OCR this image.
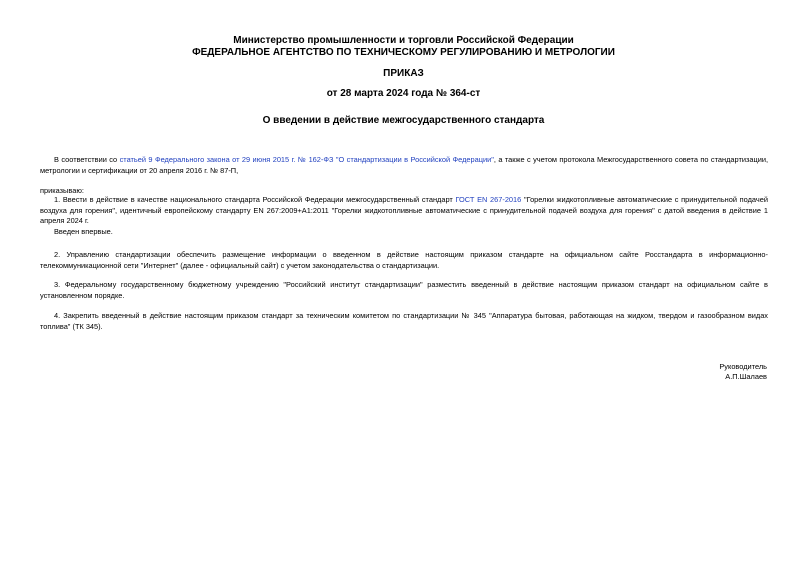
Министерство промышленности и торговли Российской Федерации
ФЕДЕРАЛЬНОЕ АГЕНТСТВО ПО ТЕХНИЧЕСКОМУ РЕГУЛИРОВАНИЮ И МЕТРОЛОГИИ
ПРИКАЗ
от 28 марта 2024 года № 364-ст
О введении в действие межгосударственного стандарта
В соответствии со статьей 9 Федерального закона от 29 июня 2015 г. № 162-ФЗ "О стандартизации в Российской Федерации", а также с учетом протокола Межгосударственного совета по стандартизации, метрологии и сертификации от 20 апреля 2016 г. № 87-П,
приказываю:
1. Ввести в действие в качестве национального стандарта Российской Федерации межгосударственный стандарт ГОСТ EN 267-2016 "Горелки жидкотопливные автоматические с принудительной подачей воздуха для горения", идентичный европейскому стандарту EN 267:2009+A1:2011 "Горелки жидкотопливные автоматические с принудительной подачей воздуха для горения" с датой введения в действие 1 апреля 2024 г.
Введен впервые.
2. Управлению стандартизации обеспечить размещение информации о введенном в действие настоящим приказом стандарте на официальном сайте Росстандарта в информационно-телекоммуникационной сети "Интернет" (далее - официальный сайт) с учетом законодательства о стандартизации.
3. Федеральному государственному бюджетному учреждению "Российский институт стандартизации" разместить введенный в действие настоящим приказом стандарт на официальном сайте в установленном порядке.
4. Закрепить введенный в действие настоящим приказом стандарт за техническим комитетом по стандартизации № 345 "Аппаратура бытовая, работающая на жидком, твердом и газообразном видах топлива" (ТК 345).
Руководитель
А.П.Шалаев
